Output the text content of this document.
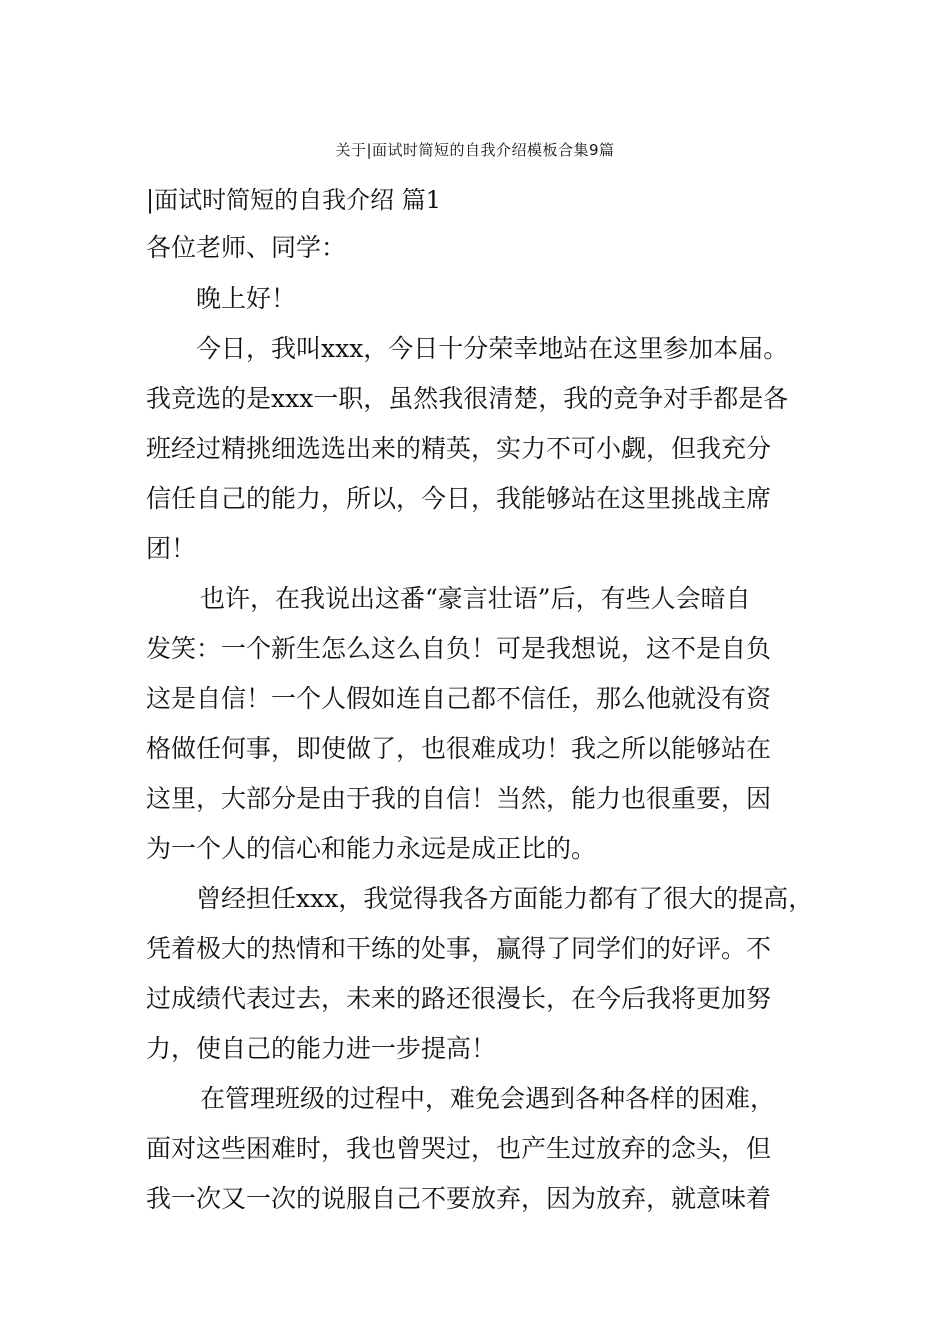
关于|面试时简短的自我介绍模板合集9篇
|面试时简短的自我介绍 篇1

各位老师、同学：

晚上好！

今日，我叫xxx，今日十分荣幸地站在这里参加本届。

我竞选的是xxx一职，虽然我很清楚，我的竞争对手都是各

班经过精挑细选选出来的精英，实力不可小觑，但我充分

信任自己的能力，所以，今日，我能够站在这里挑战主席

团！

也许，在我说出这番“豪言壮语”后，有些人会暗自

发笑：一个新生怎么这么自负！可是我想说，这不是自负

这是自信！一个人假如连自己都不信任，那么他就没有资

格做任何事，即使做了，也很难成功！我之所以能够站在

这里，大部分是由于我的自信！当然，能力也很重要，因

为一个人的信心和能力永远是成正比的。

曾经担任xxx，我觉得我各方面能力都有了很大的提高，

凭着极大的热情和干练的处事，赢得了同学们的好评。不

过成绩代表过去，未来的路还很漫长，在今后我将更加努

力，使自己的能力进一步提高！

在管理班级的过程中，难免会遇到各种各样的困难，

面对这些困难时，我也曾哭过，也产生过放弃的念头，但

我一次又一次的说服自己不要放弃，因为放弃，就意味着
